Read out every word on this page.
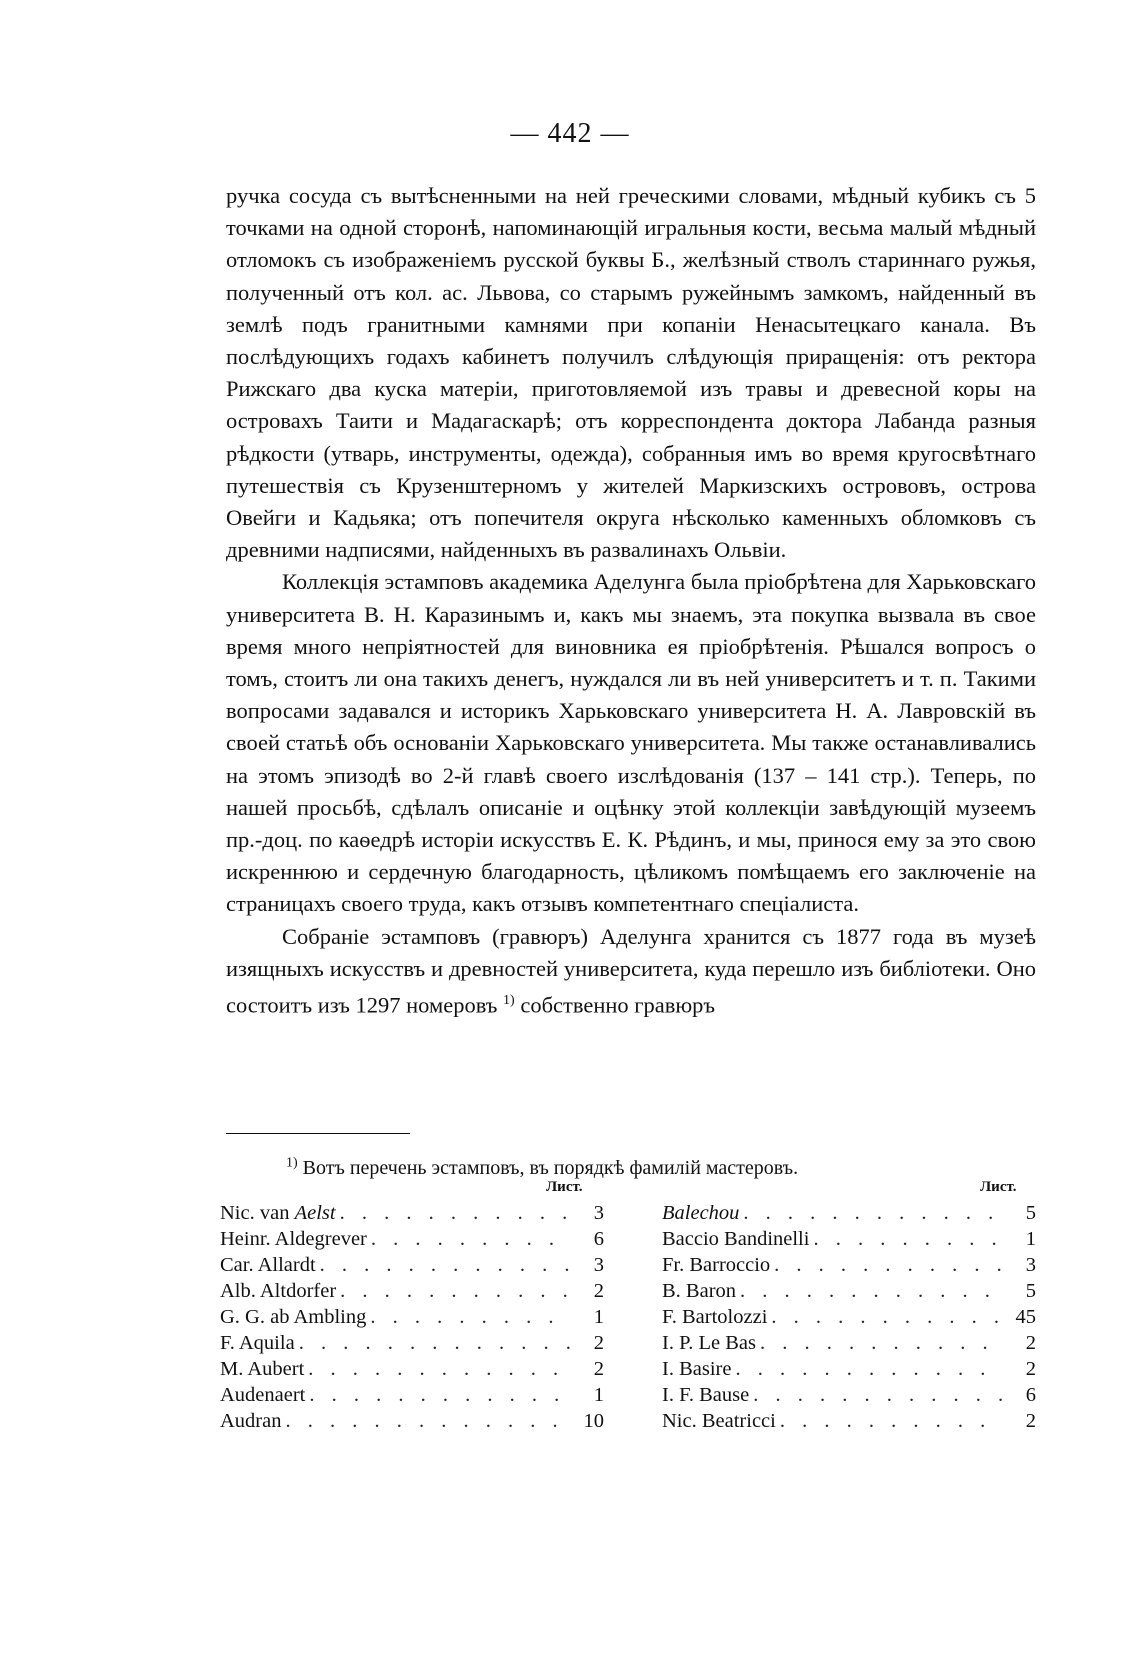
— 442 —

ручка сосуда съ вытѣсненными на ней греческими словами, мѣдный кубикъ съ 5 точками на одной сторонѣ, напоминающій игральныя кости, весьма малый мѣдный отломокъ съ изображеніемъ русской буквы Б., желѣзный стволъ стариннаго ружья, полученный отъ кол. ас. Львова, со старымъ ружейнымъ замкомъ, найденный въ землѣ подъ гранитными камнями при копаніи Ненасытецкаго канала. Въ послѣдующихъ годахъ кабинетъ получилъ слѣдующія приращенія: отъ ректора Рижскаго два куска матеріи, приготовляемой изъ травы и древесной коры на островахъ Таити и Мадагаскарѣ; отъ корреспондента доктора Лабанда разныя рѣдкости (утварь, инструменты, одежда), собранныя имъ во время кругосвѣтнаго путешествія съ Крузенштерномъ у жителей Маркизскихъ острововъ, острова Овейги и Кадьяка; отъ попечителя округа нѣсколько каменныхъ обломковъ съ древними надписями, найденныхъ въ развалинахъ Ольвіи.

Коллекція эстамповъ академика Аделунга была пріобрѣтена для Харьковскаго университета В. Н. Каразинымъ и, какъ мы знаемъ, эта покупка вызвала въ свое время много непріятностей для виновника ея пріобрѣтенія. Рѣшался вопросъ о томъ, стоитъ ли она такихъ денегъ, нуждался ли въ ней университетъ и т. п. Такими вопросами задавался и историкъ Харьковскаго университета Н. А. Лавровскій въ своей статьѣ объ основаніи Харьковскаго университета. Мы также останавливались на этомъ эпизодѣ во 2-й главѣ своего изслѣдованія (137 – 141 стр.). Теперь, по нашей просьбѣ, сдѣлалъ описаніе и оцѣнку этой коллекціи завѣдующій музеемъ пр.-доц. по каѳедрѣ исторіи искусствъ Е. К. Рѣдинъ, и мы, принося ему за это свою искреннюю и сердечную благодарность, цѣликомъ помѣщаемъ его заключеніе на страницахъ своего труда, какъ отзывъ компетентнаго спеціалиста.

Собраніе эстамповъ (гравюръ) Аделунга хранится съ 1877 года въ музеѣ изящныхъ искусствъ и древностей университета, куда перешло изъ библіотеки. Оно состоитъ изъ 1297 номеровъ $^{1)}$ собственно гравюръ

$^{1)}$ Вотъ перечень эстамповъ, въ порядкѣ фамилій мастеровъ.
Лист.	Лист.
Nic. van Aelst . . .	3
Heinr. Aldegrever . . .	6
Car. Allardt . . .	3
Alb. Altdorfer . . .	2
G. G. ab Ambling . . .	1
F. Aquila . . .	2
M. Aubert . . .	2
Audenaert . . .	1
Audran . . .	10
Balechou . . .	5
Baccio Bandinelli . . .	1
Fr. Barroccio . . .	3
B. Baron . . .	5
F. Bartolozzi . . .	45
I. P. Le Bas . . .	2
I. Basire . . .	2
I. F. Bause . . .	6
Nic. Beatricci . . .	2
